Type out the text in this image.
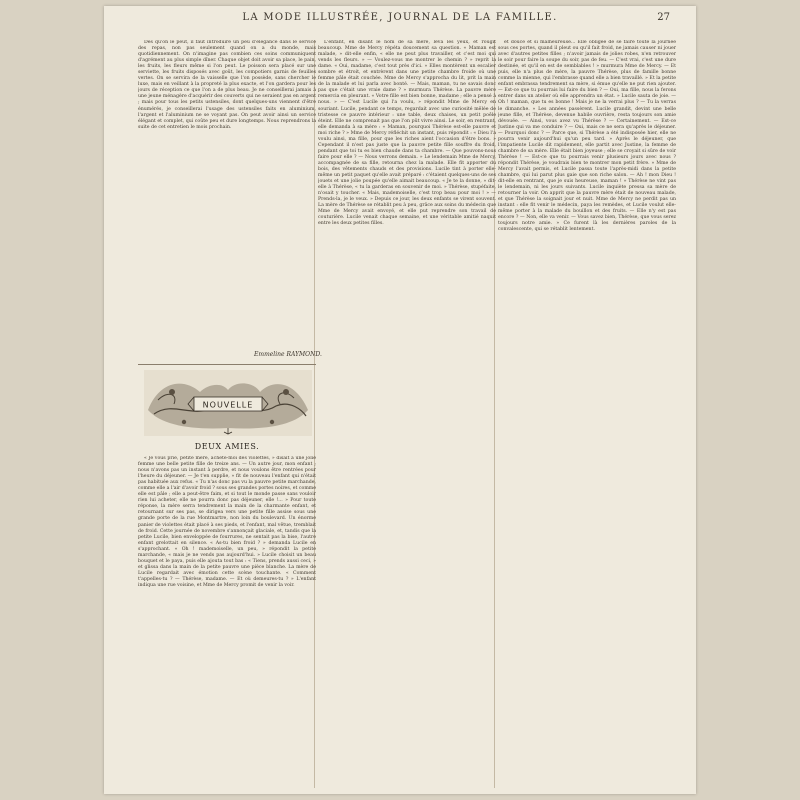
LA MODE ILLUSTRÉE, JOURNAL DE LA FAMILLE.	27

Dès qu'on le peut, il faut introduire un peu d'élégance dans le service des repas, non pas seulement quand on a du monde, mais quotidiennement. On n'imagine pas combien ces soins communiquent d'agrément au plus simple dîner. Chaque objet doit avoir sa place, le pain, les fruits, les fleurs même si l'on peut. Le poisson sera placé sur une serviette, les fruits disposés avec goût, les compotiers garnis de feuilles vertes. On se servira de la vaisselle que l'on possède, sans chercher le luxe, mais en veillant à la propreté la plus exacte, et l'on gardera pour les jours de réception ce que l'on a de plus beau. Je ne conseillerai jamais à une jeune ménagère d'acquérir des couverts qui ne seraient pas en argent ; mais pour tous les petits ustensiles, dont quelques-uns viennent d'être énumérés, je conseillerai l'usage des ustensiles faits en aluminium, l'argent et l'aluminium ne se voyant pas. On peut avoir ainsi un service élégant et complet, qui coûte peu et dure longtemps. Nous reprendrons la suite de cet entretien le mois prochain.

Emmeline RAYMOND.
NOUVELLE
DEUX AMIES.

« Je vous prie, petite mère, achète-moi des violettes, » disait à une jolie femme une belle petite fille de treize ans. — Un autre jour, mon enfant ; nous n'avons pas un instant à perdre, et nous voulons être rentrées pour l'heure du déjeuner. — Je t'en supplie, » fit de nouveau l'enfant qui n'était pas habituée aux refus. « Tu n'as donc pas vu la pauvre petite marchande, comme elle a l'air d'avoir froid ? sous ses grandes portes noires, et comme elle est pâle ; elle a peut-être faim, et si tout le monde passe sans vouloir rien lui acheter, elle ne pourra donc pas déjeuner, elle !... » Pour toute réponse, la mère serra tendrement la main de la charmante enfant, et retournant sur ses pas, se dirigea vers une petite fille assise sous une grande porte de la rue Montmartre, non loin du boulevard. Un énorme panier de violettes était placé à ses pieds, et l'enfant, mal vêtue, tremblait de froid. Cette journée de novembre s'annonçait glaciale, et, tandis que la petite Lucile, bien enveloppée de fourrures, ne sentait pas la bise, l'autre enfant grelottait en silence. « As-tu bien froid ? » demanda Lucile en s'approchant. « Oh ! mademoiselle, un peu, » répondit la petite marchande, « mais je ne vends pas aujourd'hui. » Lucile choisit un beau bouquet et le paya, puis elle ajouta tout bas : « Tiens, prends aussi ceci, » et glissa dans la main de la petite pauvre une pièce blanche. La mère de Lucile regardait avec émotion cette scène touchante. « Comment t'appelles-tu ? — Thérèse, madame. — Et où demeures-tu ? » L'enfant indiqua une rue voisine, et Mme de Mercy promit de venir la voir.

L'enfant, en disant le nom de sa mère, leva les yeux, et rougit beaucoup. Mme de Mercy répéta doucement sa question. « Maman est malade, » dit-elle enfin, « elle ne peut plus travailler, et c'est moi qui vends les fleurs. » — Voulez-vous me montrer le chemin ? » reprit la dame. « Oui, madame, c'est tout près d'ici. » Elles montèrent un escalier sombre et étroit, et entrèrent dans une petite chambre froide où une femme pâle était couchée. Mme de Mercy s'approcha du lit, prit la main de la malade et lui parla avec bonté. — Mais, maman, tu ne savais donc pas que c'était une vraie dame ? » murmura Thérèse. La pauvre mère remercia en pleurant. « Votre fille est bien bonne, madame ; elle a pensé à nous. » — C'est Lucile qui l'a voulu, » répondit Mme de Mercy en souriant. Lucile, pendant ce temps, regardait avec une curiosité mêlée de tristesse ce pauvre intérieur : une table, deux chaises, un petit poêle éteint. Elle ne comprenait pas que l'on pût vivre ainsi. Le soir, en rentrant, elle demanda à sa mère : « Maman, pourquoi Thérèse est-elle pauvre et moi riche ? » Mme de Mercy réfléchit un instant, puis répondit : « Dieu l'a voulu ainsi, ma fille, pour que les riches aient l'occasion d'être bons. » Cependant il n'est pas juste que la pauvre petite fille souffre du froid, pendant que toi tu es bien chaude dans ta chambre. — Que pouvons-nous faire pour elle ? — Nous verrons demain. » Le lendemain Mme de Mercy, accompagnée de sa fille, retourna chez la malade. Elle fit apporter du bois, des vêtements chauds et des provisions. Lucile tint à porter elle-même un petit paquet qu'elle avait préparé : c'étaient quelques-uns de ses jouets et une jolie poupée qu'elle aimait beaucoup. « Je te la donne, » dit-elle à Thérèse, « tu la garderas en souvenir de moi. » Thérèse, stupéfaite, n'osait y toucher. « Mais, mademoiselle, c'est trop beau pour moi ! » — Prends-la, je le veux. » Depuis ce jour, les deux enfants se virent souvent. La mère de Thérèse se rétablit peu à peu, grâce aux soins du médecin que Mme de Mercy avait envoyé, et elle put reprendre son travail de couturière. Lucile venait chaque semaine, et une véritable amitié naquit entre les deux petites filles.

et douce et si malheureuse... Elle obligée de se faire toute la journée sous ces portes, quand il pleut ou qu'il fait froid, ne jamais causer ni jouer avec d'autres petites filles ; n'avoir jamais de jolies robes, n'en retrouver le soir pour faire la soupe du soir, pas de feu. — C'est vrai, c'est une dure destinée, et qu'il en est de semblables ! » murmura Mme de Mercy. — Et puis, elle n'a plus de mère, la pauvre Thérèse, plus de famille bonne comme la mienne, qui l'embrasse quand elle a bien travaillé. » Et la petite enfant embrassa tendrement sa mère, si émue qu'elle ne put rien ajouter. — Est-ce que tu pourrais lui faire du bien ? — Oui, ma fille, nous la ferons entrer dans un atelier où elle apprendra un état. » Lucile sauta de joie. — Oh ! maman, que tu es bonne ! Mais je ne la verrai plus ? — Tu la verras le dimanche. » Les années passèrent. Lucile grandit, devint une belle jeune fille, et Thérèse, devenue habile ouvrière, resta toujours son amie dévouée. — Ainsi, vous avez vu Thérèse ? — Certainement. — Est-ce Justine qui va me conduire ? — Oui, mais ce ne sera qu'après le déjeuner. — Pourquoi donc ? — Parce que, si Thérèse a été indisposée hier, elle ne pourra venir aujourd'hui qu'un peu tard. » Après le déjeuner, que l'impatiente Lucile dit rapidement, elle partit avec Justine, la femme de chambre de sa mère. Elle était bien joyeuse ; elle se croyait si sûre de voir Thérèse ! — Est-ce que tu pourrais venir plusieurs jours avec nous ? répondit Thérèse, je voudrais bien te montrer mon petit frère. » Mme de Mercy l'avait permis, et Lucile passa toute l'après-midi dans la petite chambre, qui lui parut plus gaie que son riche salon. — Ah ! mon Dieu ! dit-elle en rentrant, que je suis heureuse, maman ! » Thérèse ne vint pas le lendemain, ni les jours suivants. Lucile inquiète pressa sa mère de retourner la voir. On apprit que la pauvre mère était de nouveau malade, et que Thérèse la soignait jour et nuit. Mme de Mercy ne perdit pas un instant : elle fit venir le médecin, paya les remèdes, et Lucile voulut elle-même porter à la malade du bouillon et des fruits. — Elle n'y est pas encore ? — Non, elle va venir. — Vous savez bien, Thérèse, que vous serez toujours notre amie. » Ce furent là les dernières paroles de la convalescente, qui se rétablit lentement.
